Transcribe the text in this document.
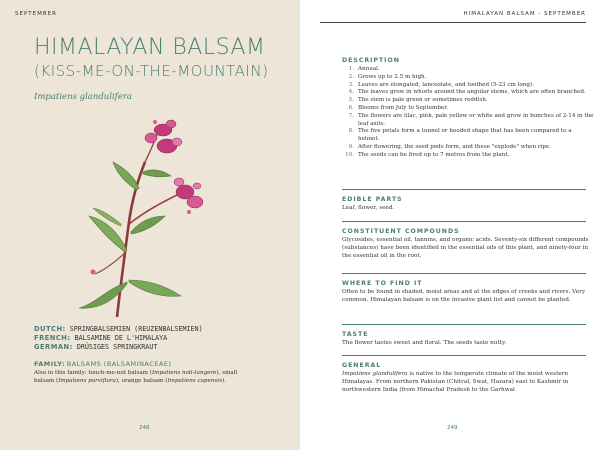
SEPTEMBER
HIMALAYAN BALSAM
(KISS-ME-ON-THE-MOUNTAIN)
Impatiens glandulifera
DUTCH: SPRINGBALSEMIEN (REUZENBALSEMIEN)
FRENCH: BALSAMINE DE L'HIMALAYA
GERMAN: DRÜSIGES SPRINGKRAUT
FAMILY: BALSAMS (BALSAMINACEAE)
Also in this family: touch-me-not balsam (Impatiens noli-tangere), small
balsam (Impatiens parviflora), orange balsam (Impatiens capensis).
248
HIMALAYAN BALSAM - SEPTEMBER
DESCRIPTION
1. Annual.
2. Grows up to 2.5 m high.
3. Leaves are elongated, lanceolate, and toothed (5-23 cm long).
4. The leaves grow in whorls around the angular stems, which are often branched.
5. The stem is pale green or sometimes reddish.
6. Blooms from July to September.
7. The flowers are lilac, pink, pale yellow or white and grow in bunches of 2-14 in the leaf axils.
8. The five petals form a tunnel or hooded shape that has been compared to a helmet.
9. After flowering, the seed pods form, and these "explode" when ripe.
10. The seeds can be fired up to 7 metres from the plant.
EDIBLE PARTS
Leaf, flower, seed.
CONSTITUENT COMPOUNDS
Glycosides, essential oil, tannins, and organic acids. Seventy-six different compounds (substances) have been identified in the essential oils of this plant, and ninety-four in the essential oil in the root.
WHERE TO FIND IT
Often to be found in shaded, moist areas and at the edges of creeks and rivers. Very common. Himalayan balsam is on the invasive plant list and cannot be planted.
TASTE
The flower tastes sweet and floral. The seeds taste nutty.
GENERAL
Impatiens glandulifera is native to the temperate climate of the moist western Himalayas. From northern Pakistan (Chitral, Swat, Hazara) east to Kashmir in northwestern India (from Himachal Pradesh to the Garhwal
249
